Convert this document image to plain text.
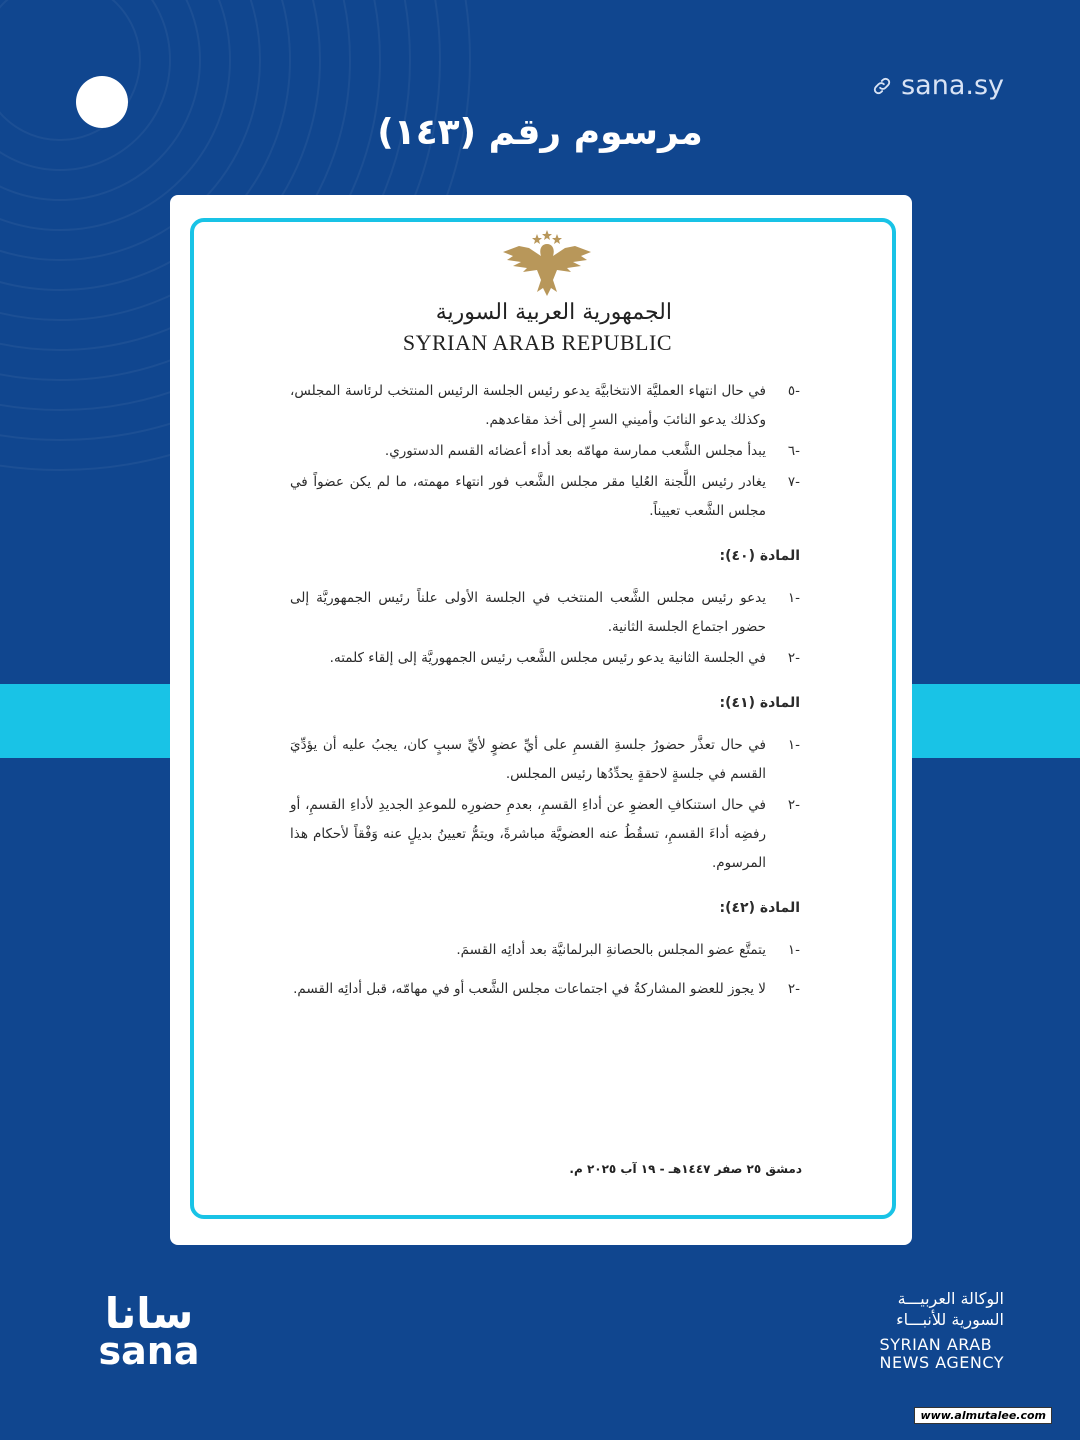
sana.sy
مرسوم رقم (١٤٣)
الجمهورية العربية السورية
SYRIAN ARAB REPUBLIC
-٥
في حال انتهاء العمليَّة الانتخابيَّة يدعو رئيس الجلسة الرئيس المنتخب لرئاسة المجلس، وكذلك يدعو النائبَ وأميني السرِ إلى أخذ مقاعدهم.
-٦
يبدأ مجلس الشَّعب ممارسة مهامّه بعد أداء أعضائه القسم الدستوري.
-٧
يغادر رئيس اللَّجنة العُليا مقر مجلس الشَّعب فور انتهاء مهمته، ما لم يكن عضواً في مجلس الشَّعب تعييناً.
المادة (٤٠):
-١
يدعو رئيس مجلس الشَّعب المنتخب في الجلسة الأولى علناً رئيس الجمهوريَّة إلى حضور اجتماع الجلسة الثانية.
-٢
في الجلسة الثانية يدعو رئيس مجلس الشَّعب رئيس الجمهوريَّة إلى إلقاء كلمته.
المادة (٤١):
-١
في حال تعذَّر حضورُ جلسةِ القسمِ على أيِّ عضوٍ لأيِّ سببٍ كان، يجبُ عليه أن يؤدِّيَ القسم في جلسةٍ لاحقةٍ يحدِّدُها رئيس المجلس.
-٢
في حال استنكافِ العضوِ عن أداءِ القسمِ، بعدمِ حضورِه للموعدِ الجديدِ لأداءِ القسمِ، أو رفضِه أداءَ القسمِ، تسقُطُ عنه العضويَّة مباشرةً، ويتمُّ تعيينُ بديلٍ عنه وَفْقاً لأحكام هذا المرسوم.
المادة (٤٢):
-١
يتمتَّع عضو المجلس بالحصانةِ البرلمانيَّة بعد أدائِه القسمَ.
-٢
لا يجوز للعضو المشاركةُ في اجتماعات مجلس الشَّعب أو في مهامّه، قبل أدائِه القسم.
دمشق ٢٥ صفر ١٤٤٧هـ - ١٩ آب ٢٠٢٥ م.
سانا
sana
الوكالة العربيـــة
السورية للأنبـــاء
SYRIAN ARAB
NEWS AGENCY
www.almutalee.com
